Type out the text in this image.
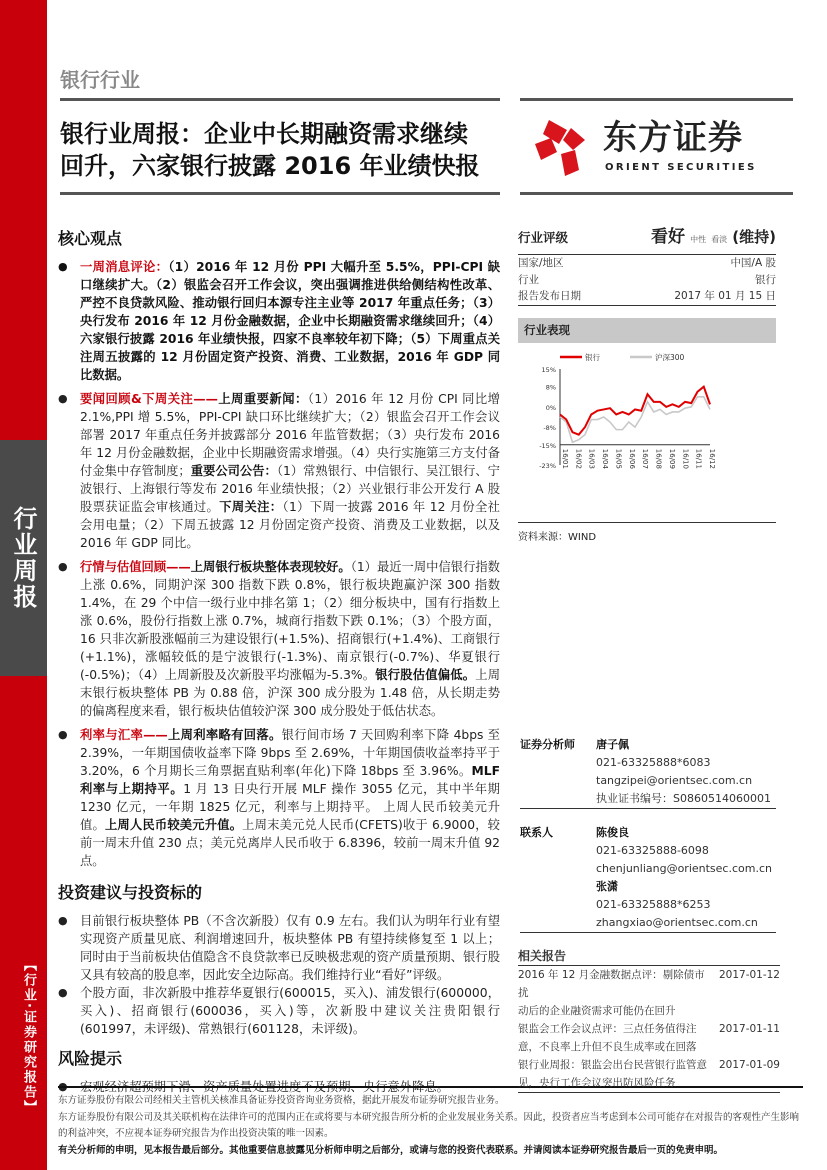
行业周报
【行业·证券研究报告】
银行行业
银行业周报：企业中长期融资需求继续
回升，六家银行披露 2016 年业绩快报
东方证券
ORIENT SECURITIES
核心观点
● 一周消息评论：（1）2016 年 12 月份 PPI 大幅升至 5.5%，PPI-CPI 缺口继续扩大。（2）银监会召开工作会议，突出强调推进供给侧结构性改革、严控不良贷款风险、推动银行回归本源专注主业等 2017 年重点任务；（3）央行发布 2016 年 12 月份金融数据，企业中长期融资需求继续回升；（4）六家银行披露 2016 年业绩快报，四家不良率较年初下降；（5）下周重点关注周五披露的 12 月份固定资产投资、消费、工业数据，2016 年 GDP 同比数据。
● 要闻回顾&下周关注——上周重要新闻：（1）2016 年 12 月份 CPI 同比增 2.1%,PPI 增 5.5%，PPI-CPI 缺口环比继续扩大；（2）银监会召开工作会议部署 2017 年重点任务并披露部分 2016 年监管数据；（3）央行发布 2016 年 12 月份金融数据，企业中长期融资需求增强。（4）央行实施第三方支付备付金集中存管制度；重要公司公告：（1）常熟银行、中信银行、吴江银行、宁波银行、上海银行等发布 2016 年业绩快报；（2）兴业银行非公开发行 A 股股票获证监会审核通过。下周关注：（1）下周一披露 2016 年 12 月份全社会用电量；（2）下周五披露 12 月份固定资产投资、消费及工业数据，以及 2016 年 GDP 同比。
● 行情与估值回顾——上周银行板块整体表现较好。（1）最近一周中信银行指数上涨 0.6%，同期沪深 300 指数下跌 0.8%，银行板块跑赢沪深 300 指数 1.4%，在 29 个中信一级行业中排名第 1；（2）细分板块中，国有行指数上涨 0.6%，股份行指数上涨 0.7%，城商行指数下跌 0.1%；（3）个股方面，16 只非次新股涨幅前三为建设银行(+1.5%)、招商银行(+1.4%)、工商银行(+1.1%)，涨幅较低的是宁波银行(-1.3%)、南京银行(-0.7%)、华夏银行(-0.5%)；（4）上周新股及次新股平均涨幅为-5.3%。银行股估值偏低。上周末银行板块整体 PB 为 0.88 倍，沪深 300 成分股为 1.48 倍，从长期走势的偏离程度来看，银行板块估值较沪深 300 成分股处于低估状态。
● 利率与汇率——上周利率略有回落。银行间市场 7 天回购利率下降 4bps 至 2.39%，一年期国债收益率下降 9bps 至 2.69%，十年期国债收益率持平于 3.20%，6 个月期长三角票据直贴利率(年化)下降 18bps 至 3.96%。MLF 利率与上期持平。1 月 13 日央行开展 MLF 操作 3055 亿元，其中半年期 1230 亿元，一年期 1825 亿元，利率与上期持平。 上周人民币较美元升值。上周人民币较美元升值。上周末美元兑人民币(CFETS)收于 6.9000，较前一周末升值 230 点；美元兑离岸人民币收于 6.8396，较前一周末升值 92 点。
投资建议与投资标的
● 目前银行板块整体 PB（不含次新股）仅有 0.9 左右。我们认为明年行业有望实现资产质量见底、利润增速回升，板块整体 PB 有望持续修复至 1 以上；同时由于当前板块估值隐含不良贷款率已反映极悲观的资产质量预期、银行股又具有较高的股息率，因此安全边际高。我们维持行业“看好”评级。
● 个股方面，非次新股中推荐华夏银行(600015，买入)、浦发银行(600000，买入)、招商银行(600036，买入)等，次新股中建议关注贵阳银行(601997，未评级)、常熟银行(601128，未评级)。
风险提示
●
行业评级	看好 中性 看淡 (维持)
国家/地区	中国/A 股
行业	银行
报告发布日期	2017 年 01 月 15 日
行业表现
15%
8%
0%
-8%
-15%
-23% 16/01 16/02 16/03 16/04 16/05 16/06 16/07 16/08 16/09 16/10 16/11 16/12
银行	沪深300
资料来源：WIND
证券分析师	唐子佩
021-63325888*6083
tangzipei@orientsec.com.cn
执业证书编号：S0860514060001
联系人	陈俊良
021-63325888-6098
chenjunliang@orientsec.com.cn
张潇
021-63325888*6253
zhangxiao@orientsec.com.cn
相关报告
2016 年 12 月金融数据点评：剔除债市扰
2017-01-12
动后的企业融资需求可能仍在回升
银监会工作会议点评：三点任务值得注 2017-01-11
意，不良率上升但不良生成率或在回落
银行业周报：银监会出台民营银行监管意 2017-01-09
见，央行工作会议突出防风险任务
东方证券股份有限公司经相关主管机关核准具备证券投资咨询业务资格，据此开展发布证券研究报告业务。
东方证券股份有限公司及其关联机构在法律许可的范围内正在或将要与本研究报告所分析的企业发展业务关系。因此，投资者应当考虑到本公司可能存在对报告的客观性产生影响的利益冲突，不应视本证券研究报告为作出投资决策的唯一因素。
有关分析师的申明，见本报告最后部分。其他重要信息披露见分析师申明之后部分，或请与您的投资代表联系。并请阅读本证券研究报告最后一页的免责申明。
